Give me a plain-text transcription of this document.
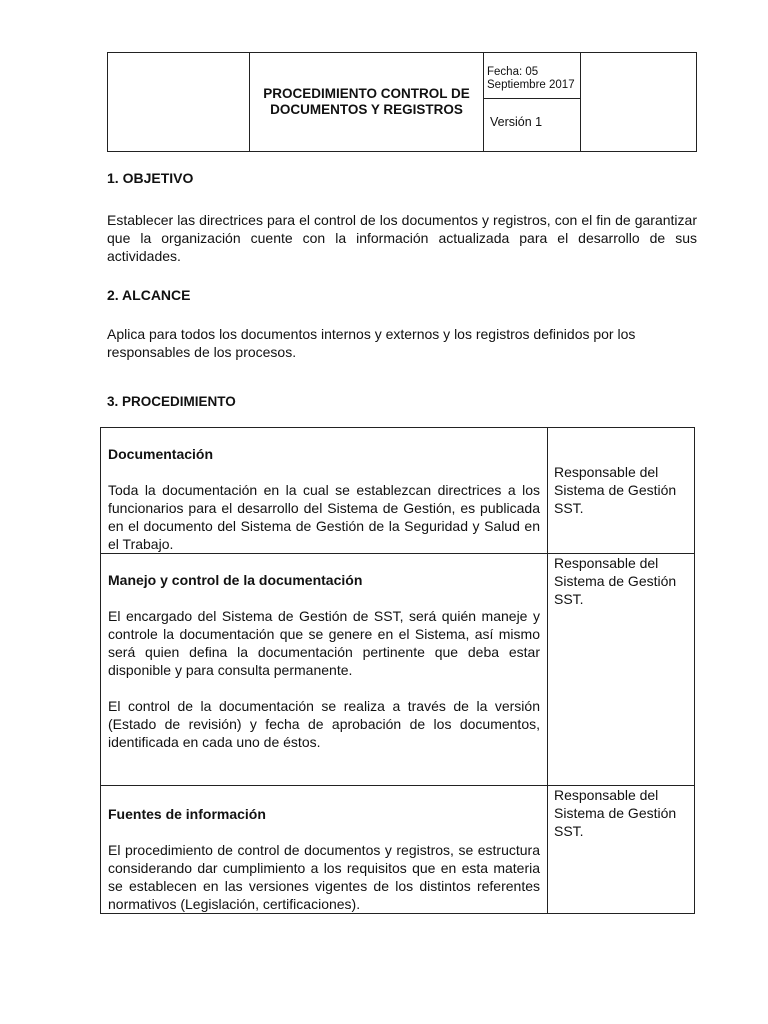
PROCEDIMIENTO CONTROL DE DOCUMENTOS Y REGISTROS
Fecha: 05 Septiembre 2017
Versión 1
1. OBJETIVO
Establecer las directrices para el control de los documentos y registros, con el fin de garantizar que la organización cuente con la información actualizada para el desarrollo de sus actividades.
2. ALCANCE
Aplica para todos los documentos internos y externos y los registros definidos por los responsables de los procesos.
3. PROCEDIMIENTO
Documentación

Toda la documentación en la cual se establezcan directrices a los funcionarios para el desarrollo del Sistema de Gestión, es publicada en el documento del Sistema de Gestión de la Seguridad y Salud en el Trabajo.	Responsable del Sistema de Gestión SST.

Manejo y control de la documentación

El encargado del Sistema de Gestión de SST, será quién maneje y controle la documentación que se genere en el Sistema, así mismo será quien defina la documentación pertinente que deba estar disponible y para consulta permanente.

El control de la documentación se realiza a través de la versión (Estado de revisión) y fecha de aprobación de los documentos, identificada en cada uno de éstos.	Responsable del Sistema de Gestión SST.

Fuentes de información

El procedimiento de control de documentos y registros, se estructura considerando dar cumplimiento a los requisitos que en esta materia se establecen en las versiones vigentes de los distintos referentes normativos (Legislación, certificaciones).	Responsable del Sistema de Gestión SST.
